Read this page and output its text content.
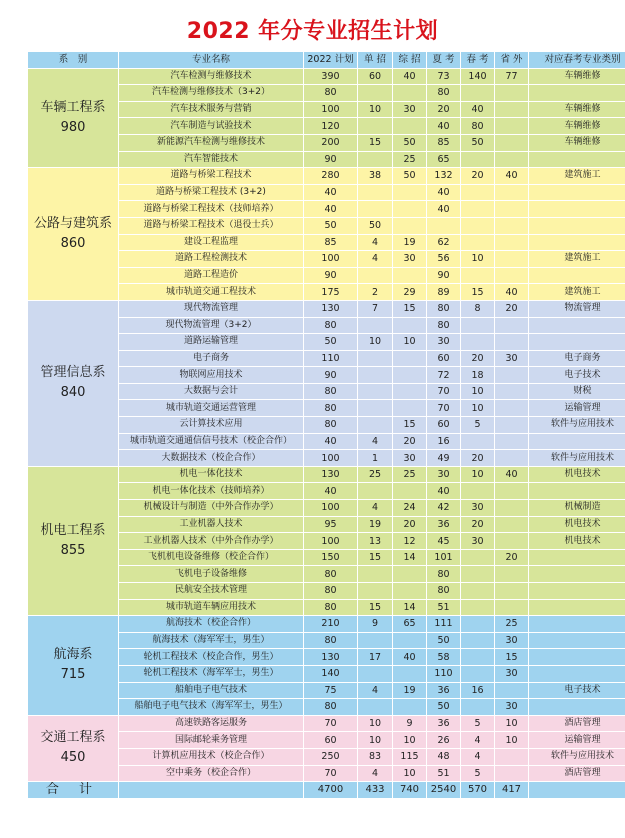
2022 年分专业招生计划
系　别	专业名称	2022 计划	单 招	综 招	夏 考	春 考	省 外	对应春考专业类别

车辆工程系
980	汽车检测与维修技术	390	60	40	73	140	77	车辆维修
	汽车检测与维修技术（3+2）	80			80			
	汽车技术服务与营销	100	10	30	20	40		车辆维修
	汽车制造与试验技术	120			40	80		车辆维修
	新能源汽车检测与维修技术	200	15	50	85	50		车辆维修
	汽车智能技术	90		25	65			

公路与建筑系
860	道路与桥梁工程技术	280	38	50	132	20	40	建筑施工
	道路与桥梁工程技术 (3+2)	40			40			
	道路与桥梁工程技术（技师培养）	40			40			
	道路与桥梁工程技术（退役士兵）	50	50					
	建设工程监理	85	4	19	62			
	道路工程检测技术	100	4	30	56	10		建筑施工
	道路工程造价	90			90			
	城市轨道交通工程技术	175	2	29	89	15	40	建筑施工

管理信息系
840	现代物流管理	130	7	15	80	8	20	物流管理
	现代物流管理（3+2）	80			80			
	道路运输管理	50	10	10	30			
	电子商务	110			60	20	30	电子商务
	物联网应用技术	90			72	18		电子技术
	大数据与会计	80			70	10		财税
	城市轨道交通运营管理	80			70	10		运输管理
	云计算技术应用	80		15	60	5		软件与应用技术
	城市轨道交通通信信号技术（校企合作）	40	4	20	16			
	大数据技术（校企合作）	100	1	30	49	20		软件与应用技术

机电工程系
855	机电一体化技术	130	25	25	30	10	40	机电技术
	机电一体化技术（技师培养）	40			40			
	机械设计与制造（中外合作办学）	100	4	24	42	30		机械制造
	工业机器人技术	95	19	20	36	20		机电技术
	工业机器人技术（中外合作办学）	100	13	12	45	30		机电技术
	飞机机电设备维修（校企合作）	150	15	14	101		20	
	飞机电子设备维修	80			80			
	民航安全技术管理	80			80			
	城市轨道车辆应用技术	80	15	14	51			

航海系
715	航海技术（校企合作）	210	9	65	111		25	
	航海技术（海军军士，男生）	80			50		30	
	轮机工程技术（校企合作，男生）	130	17	40	58		15	
	轮机工程技术（海军军士，男生）	140			110		30	
	船舶电子电气技术	75	4	19	36	16		电子技术
	船舶电子电气技术（海军军士，男生）	80			50		30	

交通工程系
450	高速铁路客运服务	70	10	9	36	5	10	酒店管理
	国际邮轮乘务管理	60	10	10	26	4	10	运输管理
	计算机应用技术（校企合作）	250	83	115	48	4		软件与应用技术
	空中乘务（校企合作）	70	4	10	51	5		酒店管理
合 计		4700	433	740	2540	570	417	
